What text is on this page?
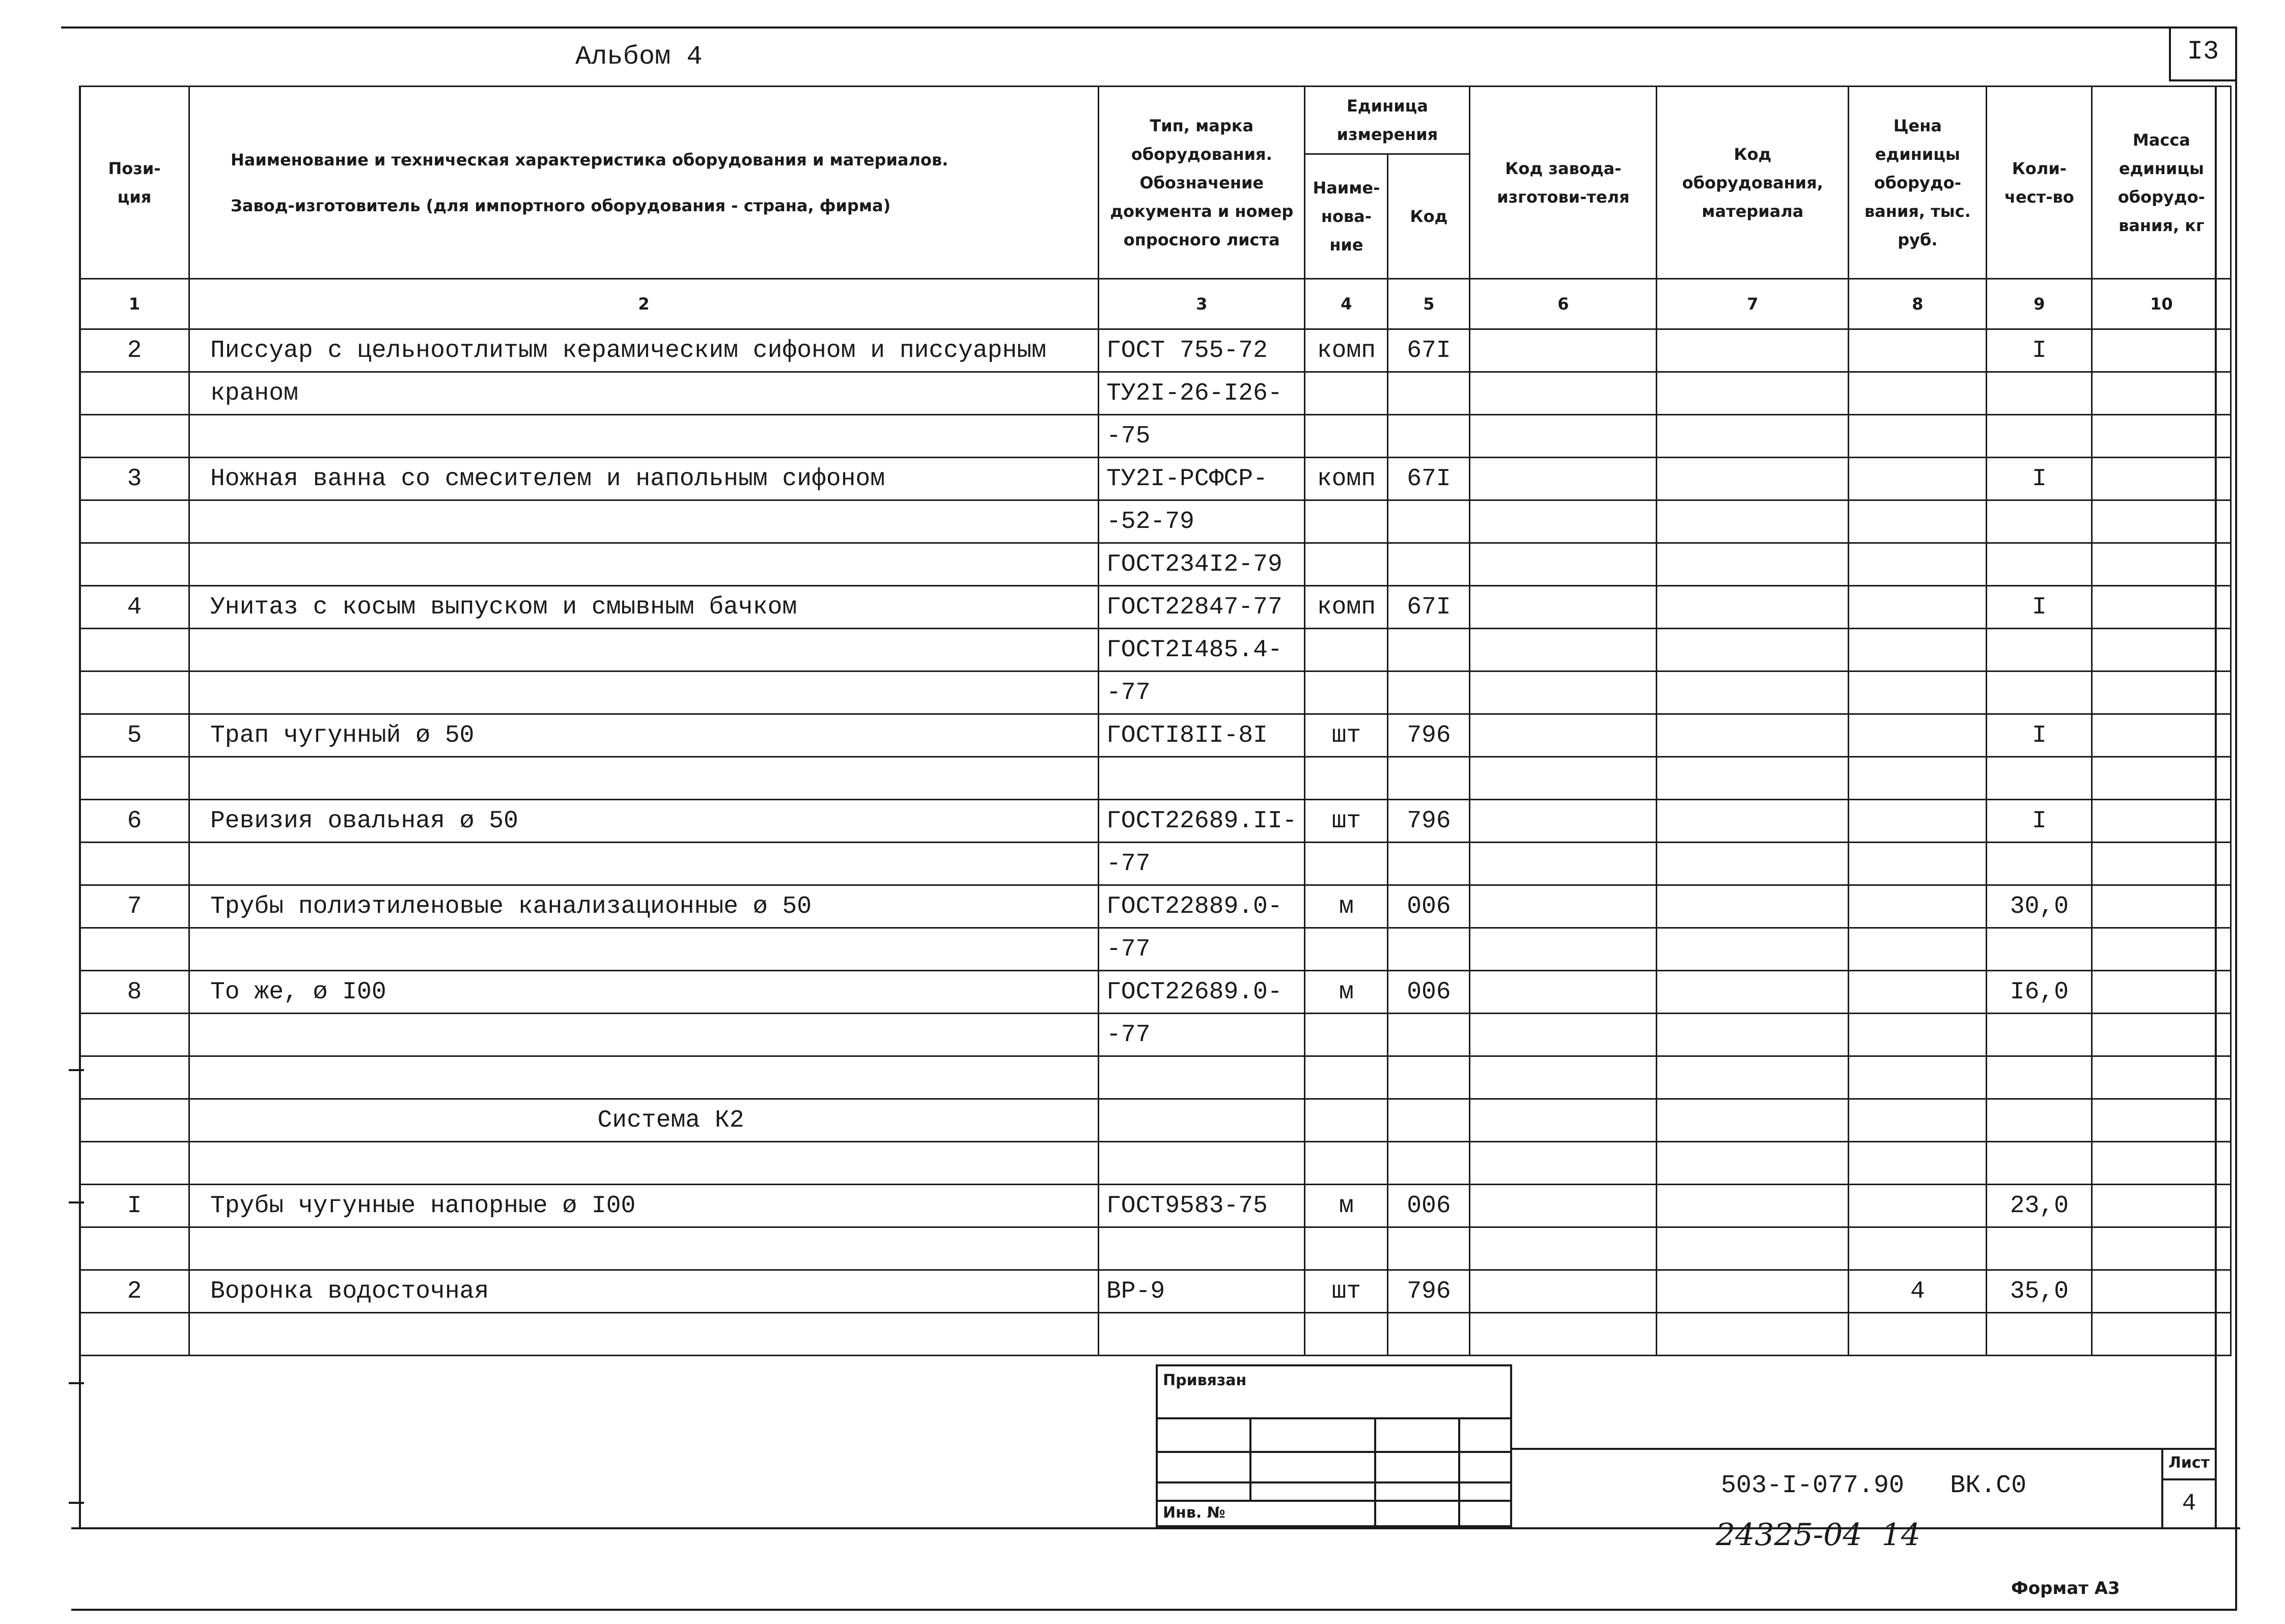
Альбом 4	I3
Пози-
ция	Наименование и техническая характеристика оборудования и материалов.
Завод-изготовитель (для импортного оборудования - страна, фирма)	Тип, марка оборудования. Обозначение документа и номер опросного листа	Единица измерения		Код завода-изготови-теля	Код оборудования, материала	Цена единицы оборудо-вания, тыс. руб.	Коли-чест-во	Масса единицы оборудо-вания, кг
			Наиме-нова-ние	Код					
1	2	3	4	5	6	7	8	9	10
2	Писсуар с цельноотлитым керамическим сифоном и писсуарным	ГОСТ 755-72	комп	67I				I	
	краном	ТУ2I-26-I26-							
		-75							
3	Ножная ванна со смесителем и напольным сифоном	ТУ2I-РСФСР-	комп	67I				I	
		-52-79							
		ГОСТ234I2-79							
4	Унитаз с косым выпуском и смывным бачком	ГОСТ22847-77	комп	67I				I	
		ГОСТ2I485.4-							
		-77							
5	Трап чугунный ø 50	ГОСТI8II-8I	шт	796				I	

6	Ревизия овальная ø 50	ГОСТ22689.II-	шт	796				I	
		-77							
7	Трубы полиэтиленовые канализационные ø 50	ГОСТ22889.0-	м	006				30,0	
		-77							
8	То же, ø I00	ГОСТ22689.0-	м	006				I6,0	
		-77							

	Система К2								

I	Трубы чугунные напорные ø I00	ГОСТ9583-75	м	006				23,0	

2	Воронка водосточная	ВР-9	шт	796			4	35,0	

Привязан
Инв. №
503-I-077.90   ВК.С0
Лист
4
24325-04  14
Формат А3
